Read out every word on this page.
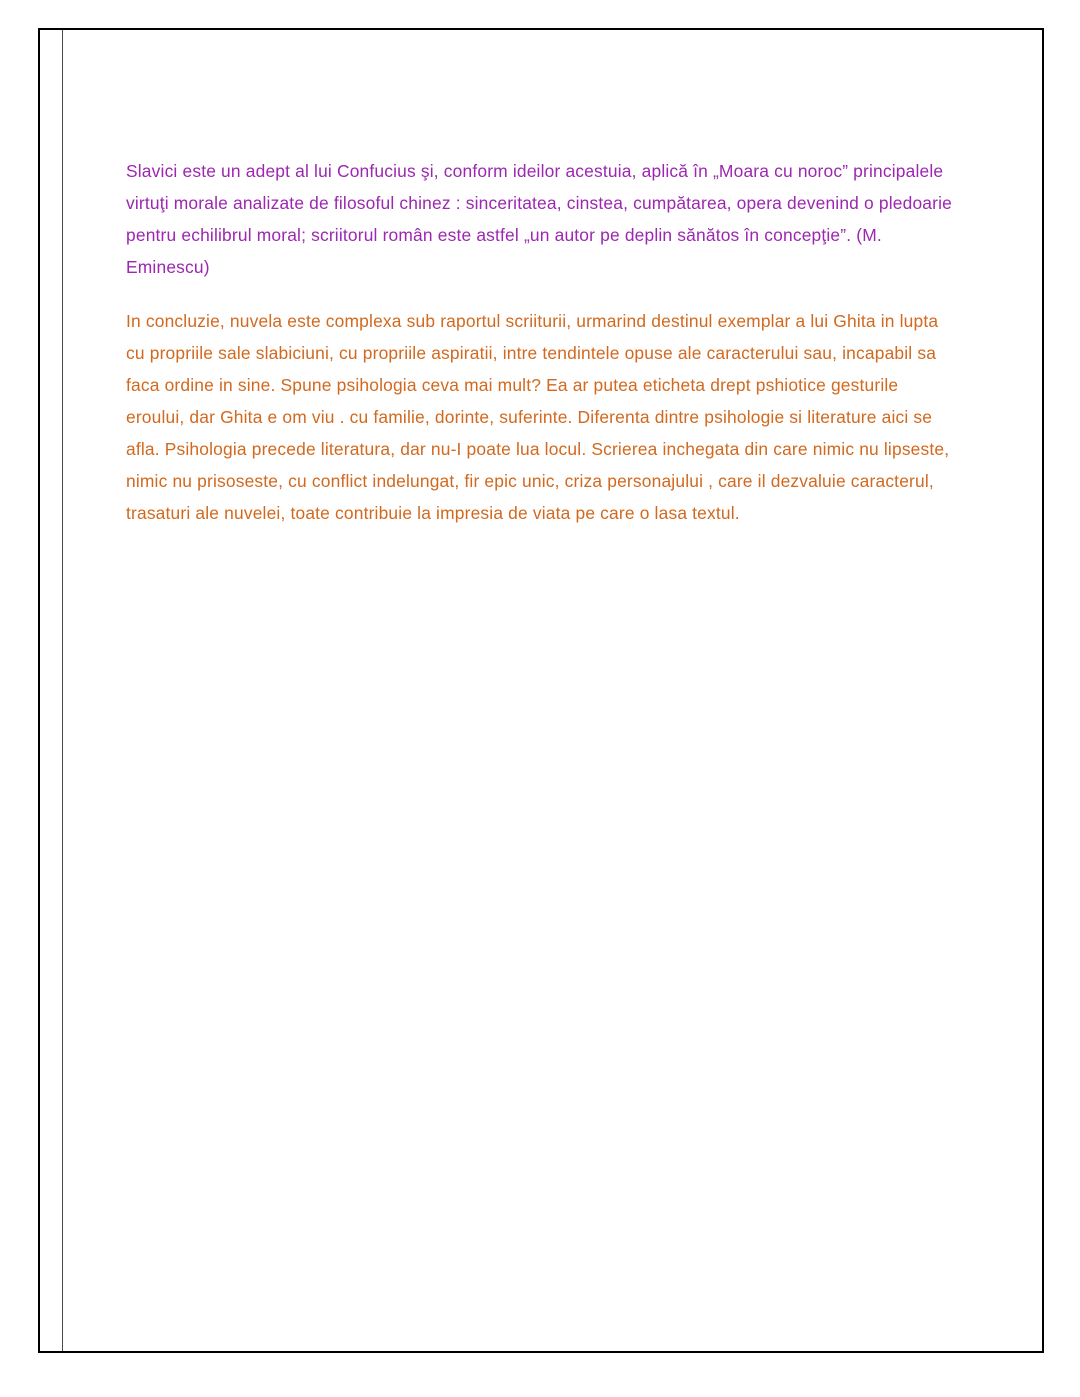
Slavici este un adept al lui Confucius şi, conform ideilor acestuia, aplică în „Moara cu noroc” principalele virtuţi morale analizate de filosoful chinez : sinceritatea, cinstea, cumpătarea, opera devenind o pledoarie pentru echilibrul moral; scriitorul român este astfel „un autor pe deplin sănătos în concepţie”. (M. Eminescu)

In concluzie, nuvela este complexa sub raportul scriiturii, urmarind destinul exemplar a lui Ghita in lupta cu propriile sale slabiciuni, cu propriile aspiratii, intre tendintele opuse ale caracterului sau, incapabil sa faca ordine in sine. Spune psihologia ceva mai mult? Ea ar putea eticheta drept pshiotice gesturile eroului, dar Ghita e om viu . cu familie, dorinte, suferinte. Diferenta dintre psihologie si literature aici se afla. Psihologia precede literatura, dar nu-I poate lua locul. Scrierea inchegata din care nimic nu lipseste, nimic nu prisoseste, cu conflict indelungat, fir epic unic, criza personajului , care il dezvaluie caracterul, trasaturi ale nuvelei, toate contribuie la impresia de viata pe care o lasa textul.
